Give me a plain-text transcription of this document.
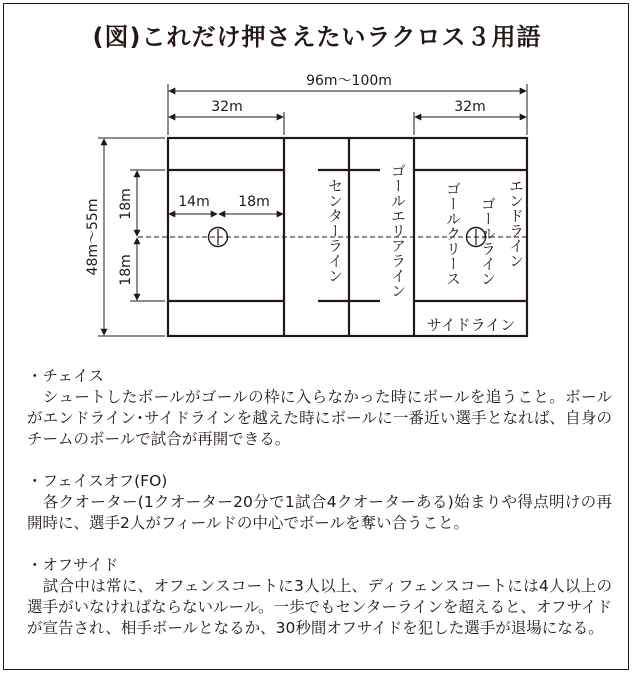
(図)これだけ押さえたいラクロス３用語
96m〜100m
32m	32m
14m 18m
48m〜55m 18m
18m	センターライン	ゴールエリアライン ゴールクリース ゴールライン エンドライン
サイドライン
・チェイス
　シュートしたボールがゴールの枠に入らなかった時にボールを追うこと。ボールがエンドライン･サイドラインを越えた時にボールに一番近い選手となれば、自身のチームのボールで試合が再開できる。
・フェイスオフ(FO)
　各クオーター(1クオーター20分で1試合4クオーターある)始まりや得点明けの再開時に、選手2人がフィールドの中心でボールを奪い合うこと。
・オフサイド
　試合中は常に、オフェンスコートに3人以上、ディフェンスコートには4人以上の選手がいなければならないルール。一歩でもセンターラインを超えると、オフサイドが宣告され、相手ボールとなるか、30秒間オフサイドを犯した選手が退場になる。
